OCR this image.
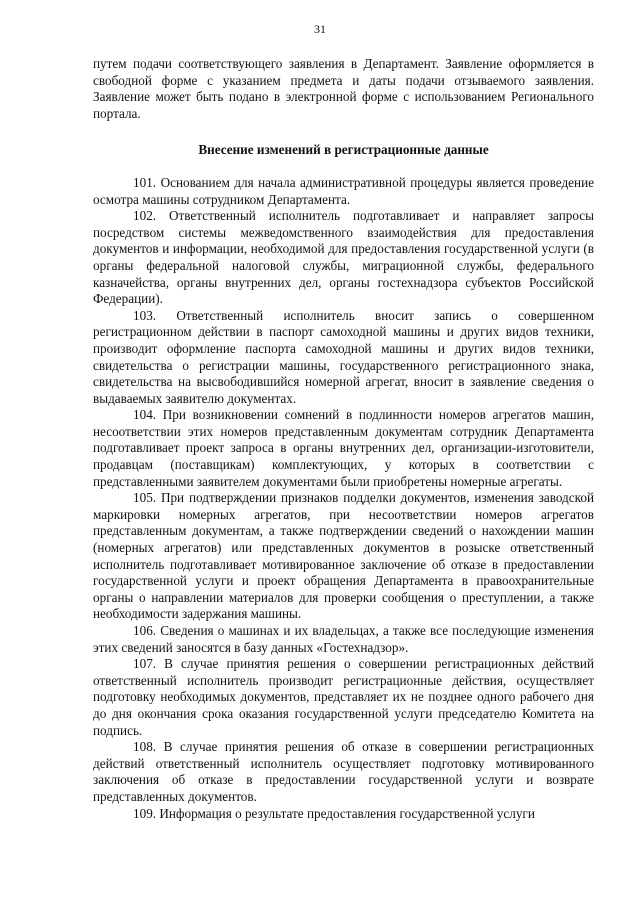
31

путем подачи соответствующего заявления в Департамент. Заявление оформляется в свободной форме с указанием предмета и даты подачи отзываемого заявления. Заявление может быть подано в электронной форме с использованием Регионального портала.

Внесение изменений в регистрационные данные

101. Основанием для начала административной процедуры является проведение осмотра машины сотрудником Департамента.

102. Ответственный исполнитель подготавливает и направляет запросы посредством системы межведомственного взаимодействия для предоставления документов и информации, необходимой для предоставления государственной услуги (в органы федеральной налоговой службы, миграционной службы, федерального казначейства, органы внутренних дел, органы гостехнадзора субъектов Российской Федерации).

103. Ответственный исполнитель вносит запись о совершенном регистрационном действии в паспорт самоходной машины и других видов техники, производит оформление паспорта самоходной машины и других видов техники, свидетельства о регистрации машины, государственного регистрационного знака, свидетельства на высвободившийся номерной агрегат, вносит в заявление сведения о выдаваемых заявителю документах.

104. При возникновении сомнений в подлинности номеров агрегатов машин, несоответствии этих номеров представленным документам сотрудник Департамента подготавливает проект запроса в органы внутренних дел, организации-изготовители, продавцам (поставщикам) комплектующих, у которых в соответствии с представленными заявителем документами были приобретены номерные агрегаты.

105. При подтверждении признаков подделки документов, изменения заводской маркировки номерных агрегатов, при несоответствии номеров агрегатов представленным документам, а также подтверждении сведений о нахождении машин (номерных агрегатов) или представленных документов в розыске ответственный исполнитель подготавливает мотивированное заключение об отказе в предоставлении государственной услуги и проект обращения Департамента в правоохранительные органы о направлении материалов для проверки сообщения о преступлении, а также необходимости задержания машины.

106. Сведения о машинах и их владельцах, а также все последующие изменения этих сведений заносятся в базу данных «Гостехнадзор».

107. В случае принятия решения о совершении регистрационных действий ответственный исполнитель производит регистрационные действия, осуществляет подготовку необходимых документов, представляет их не позднее одного рабочего дня до дня окончания срока оказания государственной услуги председателю Комитета на подпись.

108. В случае принятия решения об отказе в совершении регистрационных действий ответственный исполнитель осуществляет подготовку мотивированного заключения об отказе в предоставлении государственной услуги и возврате представленных документов.

109. Информация о результате предоставления государственной услуги
